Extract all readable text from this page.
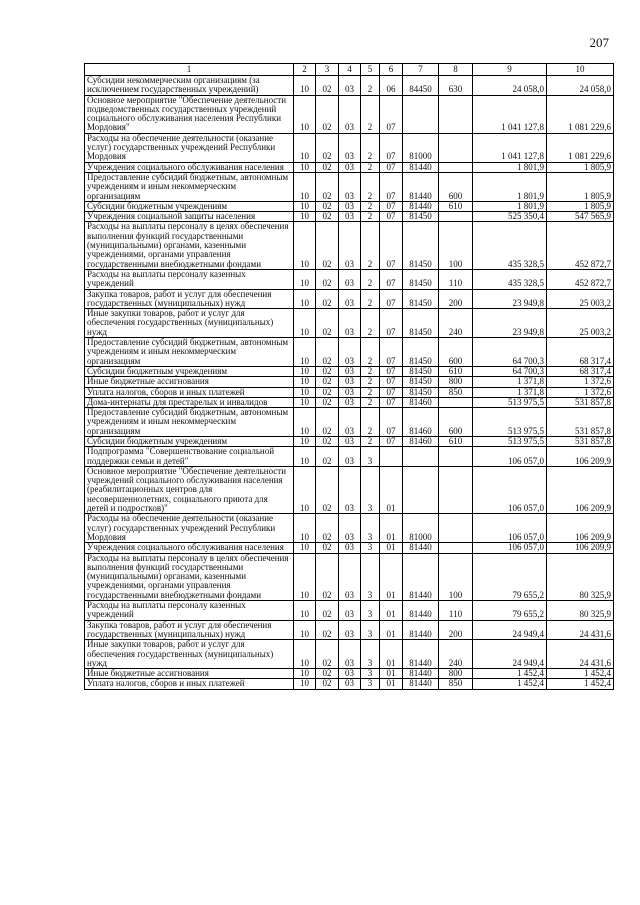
207
1	2	3	4	5	6	7	8	9	10
Субсидии некоммерческим организациям (за исключением государственных учреждений)	10	02	03	2	06	84450	630	24 058,0	24 058,0
Основное мероприятие "Обеспечение деятельности подведомственных государственных учреждений социального обслуживания населения Республики Мордовия"	10	02	03	2	07			1 041 127,8	1 081 229,6
Расходы на обеспечение деятельности (оказание услуг) государственных учреждений Республики Мордовия	10	02	03	2	07	81000		1 041 127,8	1 081 229,6
Учреждения социального обслуживания населения	10	02	03	2	07	81440		1 801,9	1 805,9
Предоставление субсидий бюджетным, автономным учреждениям и иным некоммерческим организациям	10	02	03	2	07	81440	600	1 801,9	1 805,9
Субсидии бюджетным учреждениям	10	02	03	2	07	81440	610	1 801,9	1 805,9
Учреждения социальной защиты населения	10	02	03	2	07	81450		525 350,4	547 565,9
Расходы на выплаты персоналу в целях обеспечения выполнения функций государственными (муниципальными) органами, казенными учреждениями, органами управления государственными внебюджетными фондами	10	02	03	2	07	81450	100	435 328,5	452 872,7
Расходы на выплаты персоналу казенных учреждений	10	02	03	2	07	81450	110	435 328,5	452 872,7
Закупка товаров, работ и услуг для обеспечения государственных (муниципальных) нужд	10	02	03	2	07	81450	200	23 949,8	25 003,2
Иные закупки товаров, работ и услуг для обеспечения государственных (муниципальных) нужд	10	02	03	2	07	81450	240	23 949,8	25 003,2
Предоставление субсидий бюджетным, автономным учреждениям и иным некоммерческим организациям	10	02	03	2	07	81450	600	64 700,3	68 317,4
Субсидии бюджетным учреждениям	10	02	03	2	07	81450	610	64 700,3	68 317,4
Иные бюджетные ассигнования	10	02	03	2	07	81450	800	1 371,8	1 372,6
Уплата налогов, сборов и иных платежей	10	02	03	2	07	81450	850	1 371,8	1 372,6
Дома-интернаты для престарелых и инвалидов	10	02	03	2	07	81460		513 975,5	531 857,8
Предоставление субсидий бюджетным, автономным учреждениям и иным некоммерческим организациям	10	02	03	2	07	81460	600	513 975,5	531 857,8
Субсидии бюджетным учреждениям	10	02	03	2	07	81460	610	513 975,5	531 857,8
Подпрограмма "Совершенствование социальной поддержки семьи и детей"	10	02	03	3				106 057,0	106 209,9
Основное мероприятие "Обеспечение деятельности учреждений социального обслуживания населения (реабилитационных центров для несовершеннолетних, социального приюта для детей и подростков)"	10	02	03	3	01			106 057,0	106 209,9
Расходы на обеспечение деятельности (оказание услуг) государственных учреждений Республики Мордовия	10	02	03	3	01	81000		106 057,0	106 209,9
Учреждения социального обслуживания населения	10	02	03	3	01	81440		106 057,0	106 209,9
Расходы на выплаты персоналу в целях обеспечения выполнения функций государственными (муниципальными) органами, казенными учреждениями, органами управления государственными внебюджетными фондами	10	02	03	3	01	81440	100	79 655,2	80 325,9
Расходы на выплаты персоналу казенных учреждений	10	02	03	3	01	81440	110	79 655,2	80 325,9
Закупка товаров, работ и услуг для обеспечения государственных (муниципальных) нужд	10	02	03	3	01	81440	200	24 949,4	24 431,6
Иные закупки товаров, работ и услуг для обеспечения государственных (муниципальных) нужд	10	02	03	3	01	81440	240	24 949,4	24 431,6
Иные бюджетные ассигнования	10	02	03	3	01	81440	800	1 452,4	1 452,4
Уплата налогов, сборов и иных платежей	10	02	03	3	01	81440	850	1 452,4	1 452,4
